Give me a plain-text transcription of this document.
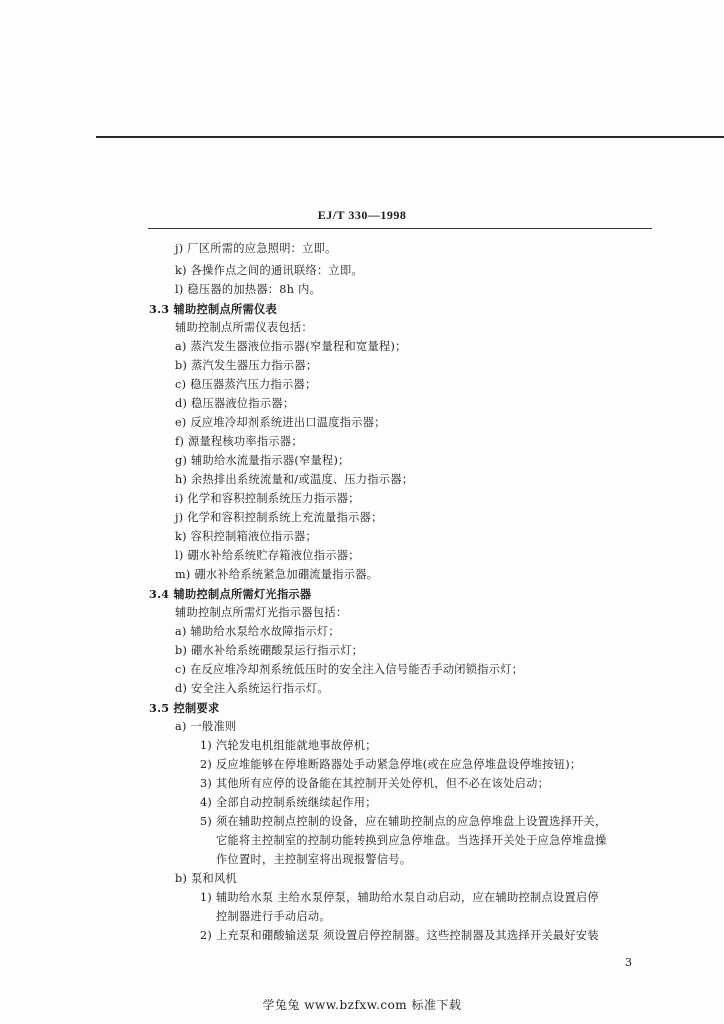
EJ/T 330—1998
j) 厂区所需的应急照明：立即。
k) 各操作点之间的通讯联络：立即。
l) 稳压器的加热器：8h 内。
3.3 辅助控制点所需仪表
辅助控制点所需仪表包括：
a) 蒸汽发生器液位指示器(窄量程和宽量程)；
b) 蒸汽发生器压力指示器；
c) 稳压器蒸汽压力指示器；
d) 稳压器液位指示器；
e) 反应堆冷却剂系统进出口温度指示器；
f) 源量程核功率指示器；
g) 辅助给水流量指示器(窄量程)；
h) 余热排出系统流量和/或温度、压力指示器；
i) 化学和容积控制系统压力指示器；
j) 化学和容积控制系统上充流量指示器；
k) 容积控制箱液位指示器；
l) 硼水补给系统贮存箱液位指示器；
m) 硼水补给系统紧急加硼流量指示器。
3.4 辅助控制点所需灯光指示器
辅助控制点所需灯光指示器包括：
a) 辅助给水泵给水故障指示灯；
b) 硼水补给系统硼酸泵运行指示灯；
c) 在反应堆冷却剂系统低压时的安全注入信号能否手动闭锁指示灯；
d) 安全注入系统运行指示灯。
3.5 控制要求
a) 一般准则
1) 汽轮发电机组能就地事故停机；
2) 反应堆能够在停堆断路器处手动紧急停堆(或在应急停堆盘设停堆按钮)；
3) 其他所有应停的设备能在其控制开关处停机，但不必在该处启动；
4) 全部自动控制系统继续起作用；
5) 须在辅助控制点控制的设备，应在辅助控制点的应急停堆盘上设置选择开关，
它能将主控制室的控制功能转换到应急停堆盘。当选择开关处于应急停堆盘操
作位置时，主控制室将出现报警信号。
b) 泵和风机
1) 辅助给水泵 主给水泵停泵，辅助给水泵自动启动，应在辅助控制点设置启停
控制器进行手动启动。
2) 上充泵和硼酸输送泵 须设置启停控制器。这些控制器及其选择开关最好安装
3
学兔兔 www.bzfxw.com 标准下载
